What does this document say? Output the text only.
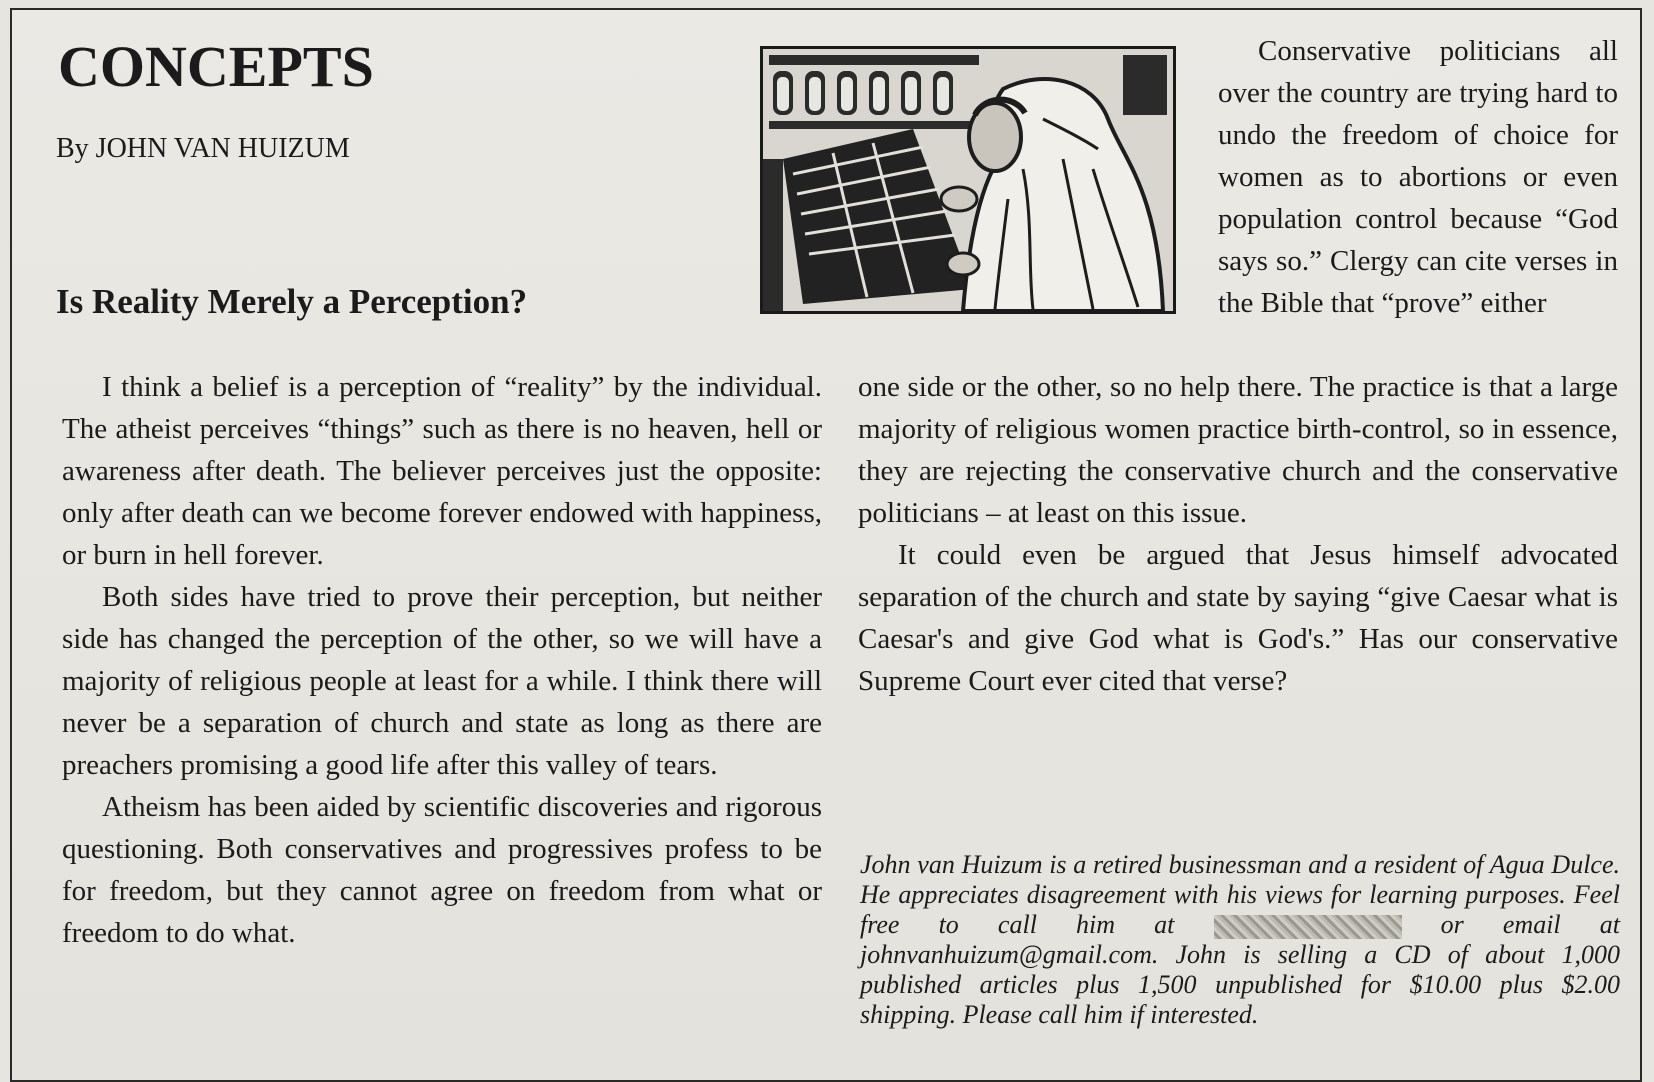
CONCEPTS
By JOHN VAN HUIZUM
Is Reality Merely a Perception?

I think a belief is a perception of “reality” by the individual. The atheist perceives “things” such as there is no heaven, hell or awareness after death. The believer perceives just the opposite: only after death can we become forever endowed with happiness, or burn in hell forever.

Both sides have tried to prove their perception, but neither side has changed the perception of the other, so we will have a majority of religious people at least for a while. I think there will never be a separation of church and state as long as there are preachers promising a good life after this valley of tears.

Atheism has been aided by scientific discoveries and rigorous questioning. Both conservatives and progressives profess to be for freedom, but they cannot agree on freedom from what or freedom to do what.

Conservative politicians all over the country are trying hard to undo the freedom of choice for women as to abortions or even population control because “God says so.” Clergy can cite verses in the Bible that “prove” either

one side or the other, so no help there. The practice is that a large majority of religious women practice birth-control, so in essence, they are rejecting the conservative church and the conservative politicians – at least on this issue.

It could even be argued that Jesus himself advocated separation of the church and state by saying “give Caesar what is Caesar's and give God what is God's.” Has our conservative Supreme Court ever cited that verse?

John van Huizum is a retired businessman and a resident of Agua Dulce. He appreciates disagreement with his views for learning purposes. Feel free to call him at	or email at johnvanhuizum@gmail.com. John is selling a CD of about 1,000 published articles plus 1,500 unpublished for $10.00 plus $2.00 shipping. Please call him if interested.
